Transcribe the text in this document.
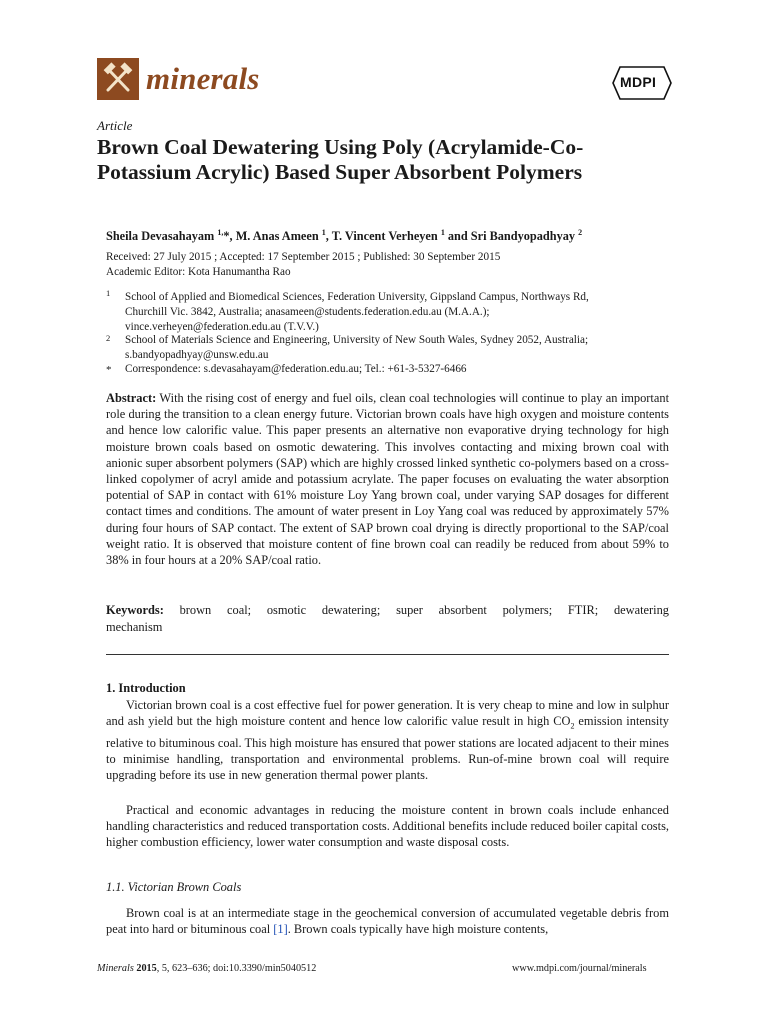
minerals	MDPI
Article
Brown Coal Dewatering Using Poly (Acrylamide-Co-Potassium Acrylic) Based Super Absorbent Polymers
Sheila Devasahayam $^{1,}$*, M. Anas Ameen $^1$, T. Vincent Verheyen $^1$ and Sri Bandyopadhyay $^2$
Received: 27 July 2015 ; Accepted: 17 September 2015 ; Published: 30 September 2015
Academic Editor: Kota Hanumantha Rao
1 School of Applied and Biomedical Sciences, Federation University, Gippsland Campus, Northways Rd,
Churchill Vic. 3842, Australia; anasameen@students.federation.edu.au (M.A.A.);
vince.verheyen@federation.edu.au (T.V.V.)
2 School of Materials Science and Engineering, University of New South Wales, Sydney 2052, Australia;
s.bandyopadhyay@unsw.edu.au
* Correspondence: s.devasahayam@federation.edu.au; Tel.: +61-3-5327-6466

Abstract: With the rising cost of energy and fuel oils, clean coal technologies will continue to play an important role during the transition to a clean energy future. Victorian brown coals have high oxygen and moisture contents and hence low calorific value. This paper presents an alternative non evaporative drying technology for high moisture brown coals based on osmotic dewatering. This involves contacting and mixing brown coal with anionic super absorbent polymers (SAP) which are highly crossed linked synthetic co-polymers based on a cross-linked copolymer of acryl amide and potassium acrylate. The paper focuses on evaluating the water absorption potential of SAP in contact with 61% moisture Loy Yang brown coal, under varying SAP dosages for different contact times and conditions. The amount of water present in Loy Yang coal was reduced by approximately 57% during four hours of SAP contact. The extent of SAP brown coal drying is directly proportional to the SAP/coal weight ratio. It is observed that moisture content of fine brown coal can readily be reduced from about 59% to 38% in four hours at a 20% SAP/coal ratio.

Keywords: brown coal; osmotic dewatering; super absorbent polymers; FTIR; dewatering mechanism
1. Introduction

Victorian brown coal is a cost effective fuel for power generation. It is very cheap to mine and low in sulphur and ash yield but the high moisture content and hence low calorific value result in high $CO_2$ emission intensity relative to bituminous coal. This high moisture has ensured that power stations are located adjacent to their mines to minimise handling, transportation and environmental problems. Run-of-mine brown coal will require upgrading before its use in new generation thermal power plants.

Practical and economic advantages in reducing the moisture content in brown coals include enhanced handling characteristics and reduced transportation costs. Additional benefits include reduced boiler capital costs, higher combustion efficiency, lower water consumption and waste disposal costs.

1.1. Victorian Brown Coals

Brown coal is at an intermediate stage in the geochemical conversion of accumulated vegetable debris from peat into hard or bituminous coal [1]. Brown coals typically have high moisture contents,

Minerals 2015, 5, 623–636; doi:10.3390/min5040512	www.mdpi.com/journal/minerals
